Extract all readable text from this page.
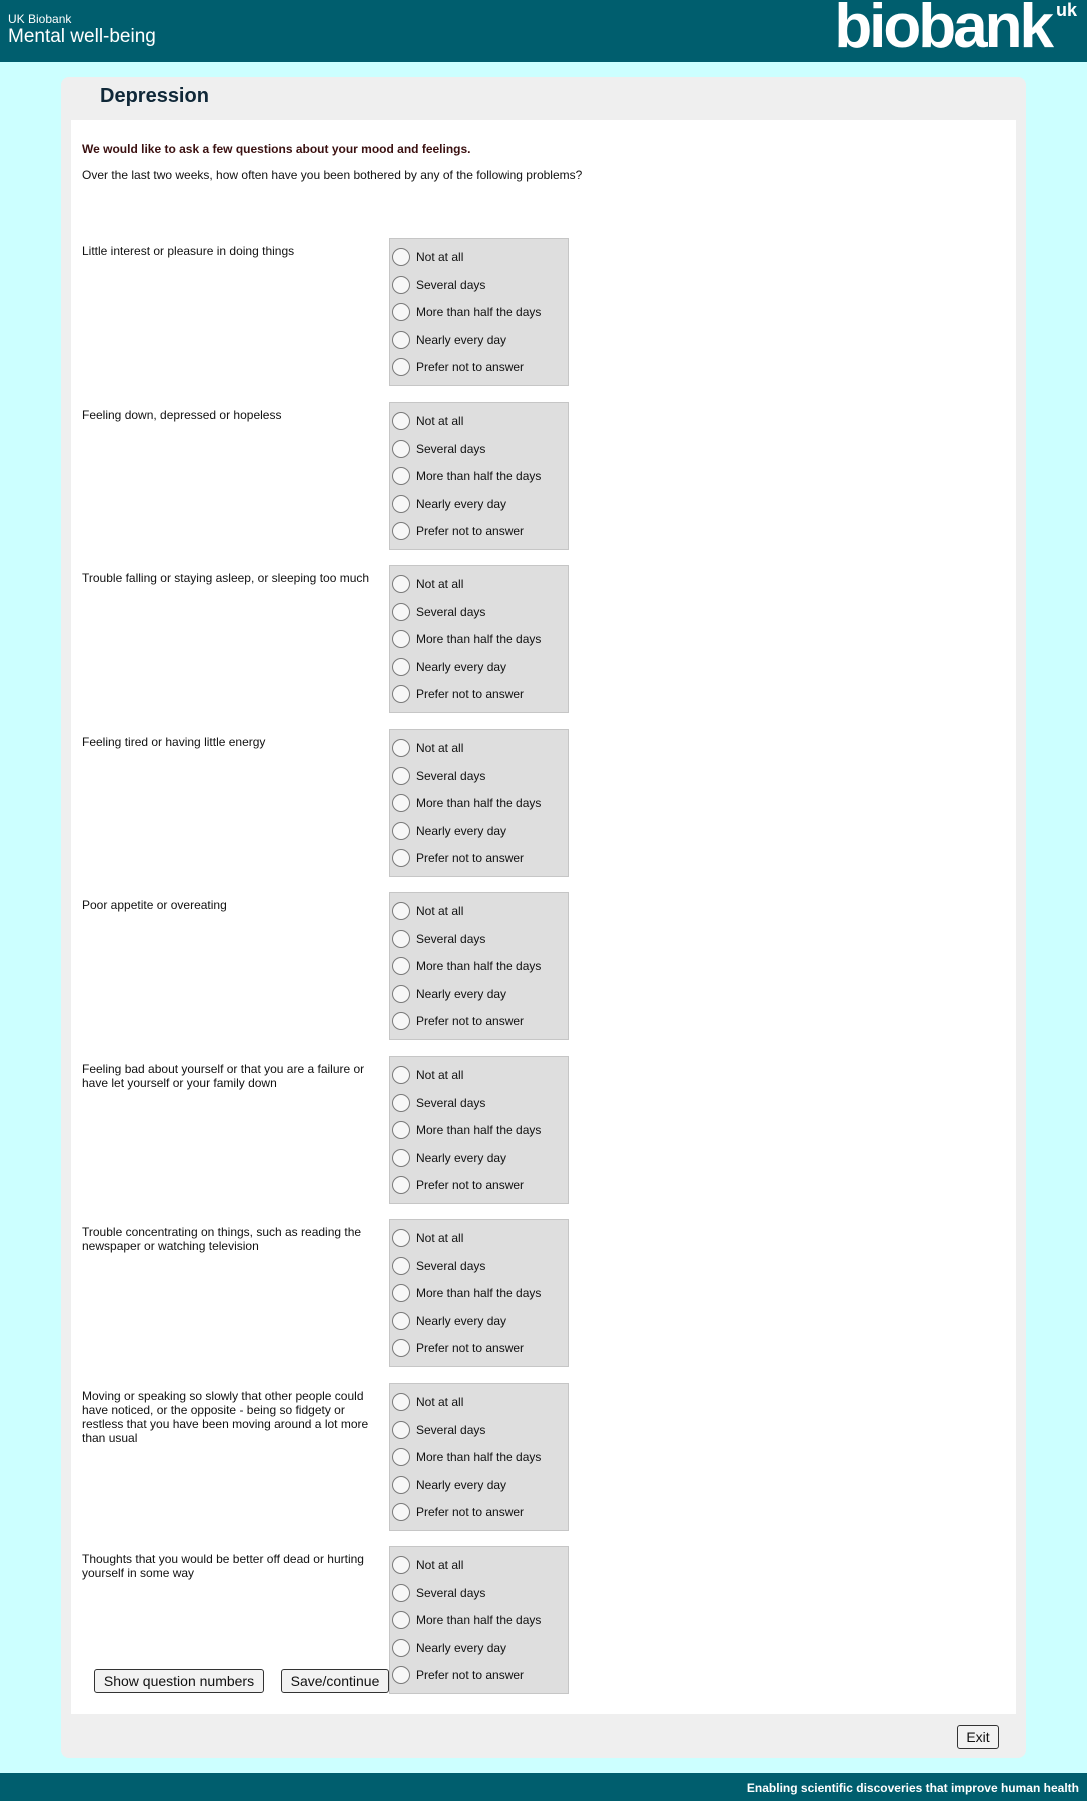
UK Biobank
Mental well-being	biobank uk
Depression
We would like to ask a few questions about your mood and feelings.
Over the last two weeks, how often have you been bothered by any of the following problems?
Little interest or pleasure in doing things	Not at all
Several days
More than half the days
Nearly every day
Prefer not to answer
Feeling down, depressed or hopeless	Not at all
Several days
More than half the days
Nearly every day
Prefer not to answer
Trouble falling or staying asleep, or sleeping too much	Not at all
Several days
More than half the days
Nearly every day
Prefer not to answer
Feeling tired or having little energy	Not at all
Several days
More than half the days
Nearly every day
Prefer not to answer
Poor appetite or overeating	Not at all
Several days
More than half the days
Nearly every day
Prefer not to answer
Feeling bad about yourself or that you are a failure or have let yourself or your family down
Not at all
Several days
More than half the days
Nearly every day
Prefer not to answer
Trouble concentrating on things, such as reading the newspaper or watching television
Not at all
Several days
More than half the days
Nearly every day
Prefer not to answer
Moving or speaking so slowly that other people could have noticed, or the opposite - being so fidgety or restless that you have been moving around a lot more than usual
Not at all
Several days
More than half the days
Nearly every day
Prefer not to answer
Thoughts that you would be better off dead or hurting yourself in some way
Not at all
Several days
More than half the days
Nearly every day
Prefer not to answer
Show question numbers	Save/continue
Exit
Enabling scientific discoveries that improve human health
